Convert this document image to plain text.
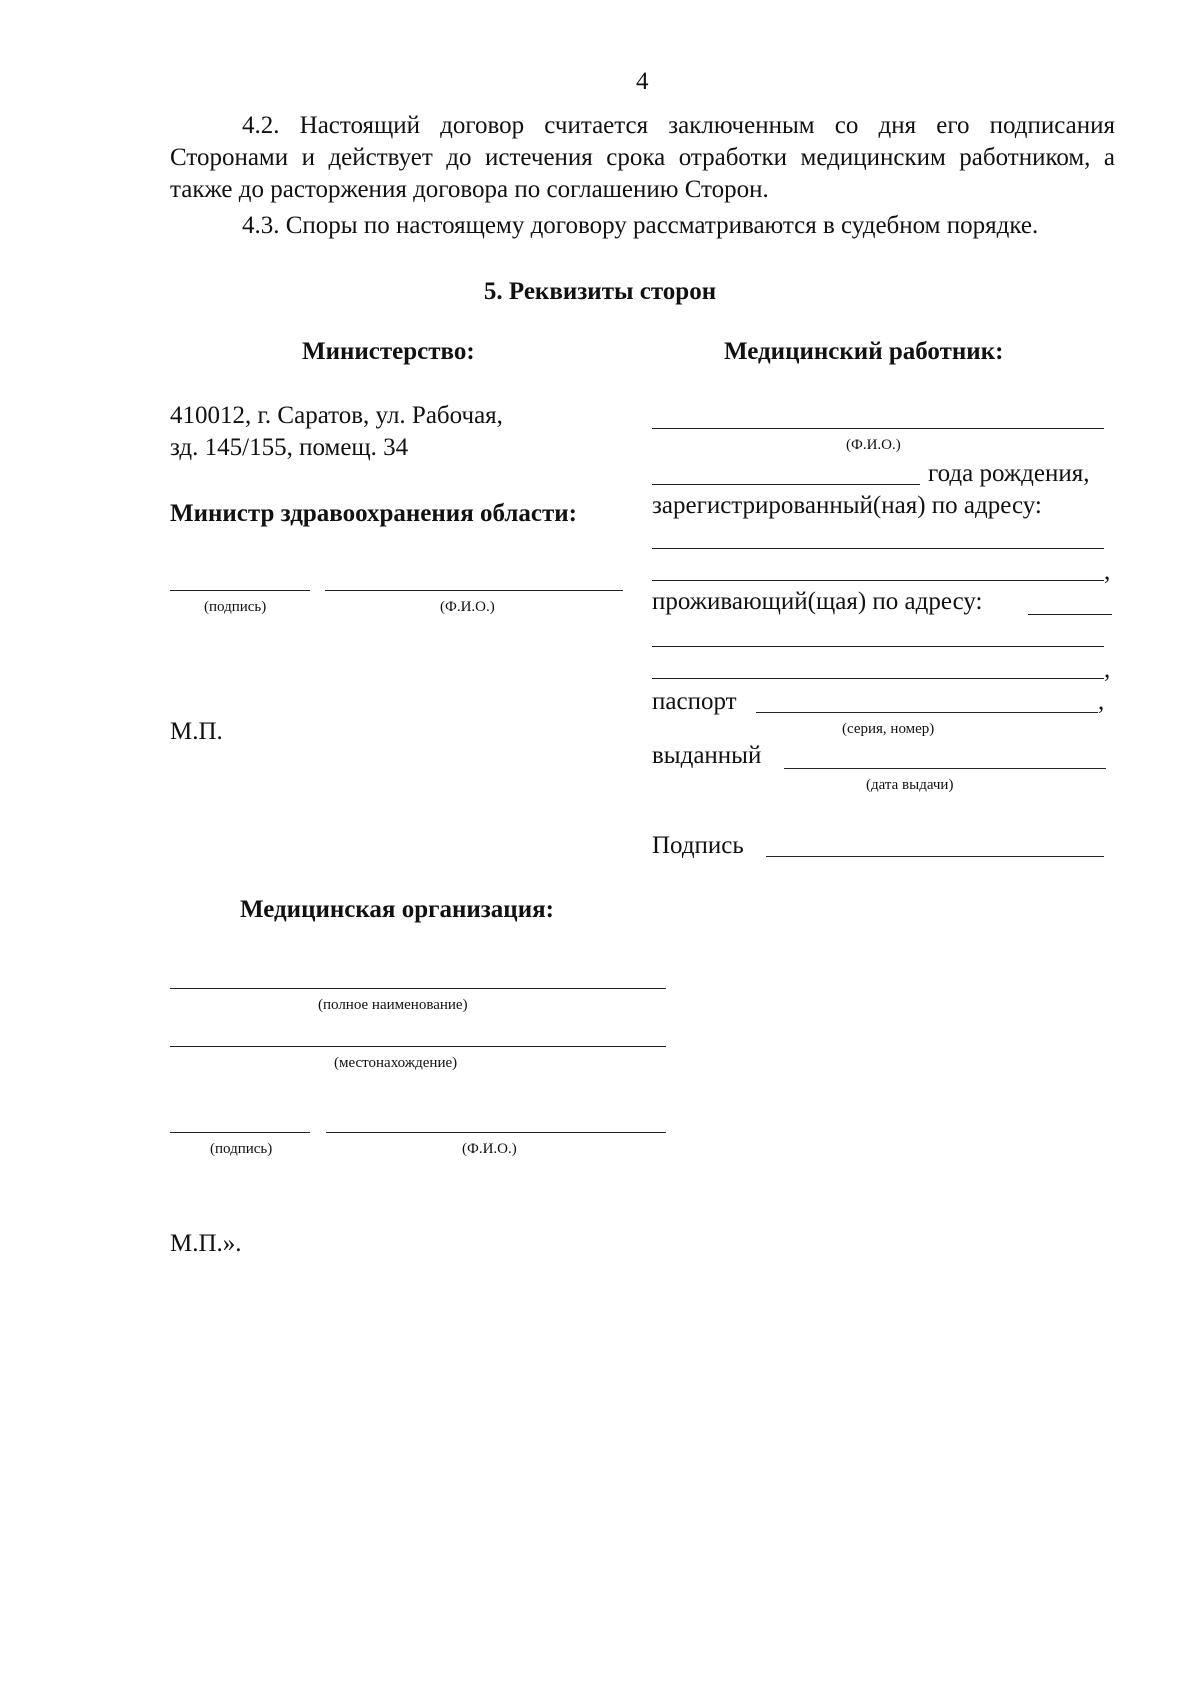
4
4.2. Настоящий договор считается заключенным со дня его подписания Сторонами и действует до истечения срока отработки медицинским работником, а также до расторжения договора по соглашению Сторон.
4.3. Споры по настоящему договору рассматриваются в судебном порядке.
5. Реквизиты сторон
Министерство:
410012, г. Саратов, ул. Рабочая,
зд. 145/155, помещ. 34
Министр здравоохранения области:
(подпись)	(Ф.И.О.)
М.П.
Медицинский работник:
(Ф.И.О.)
года рождения,
зарегистрированный(ная) по адресу:
,
проживающий(щая) по адресу:
,
паспорт	,
(серия, номер)
выданный
(дата выдачи)
Подпись
Медицинская организация:
(полное наименование)
(местонахождение)
(подпись)	(Ф.И.О.)
М.П.».
